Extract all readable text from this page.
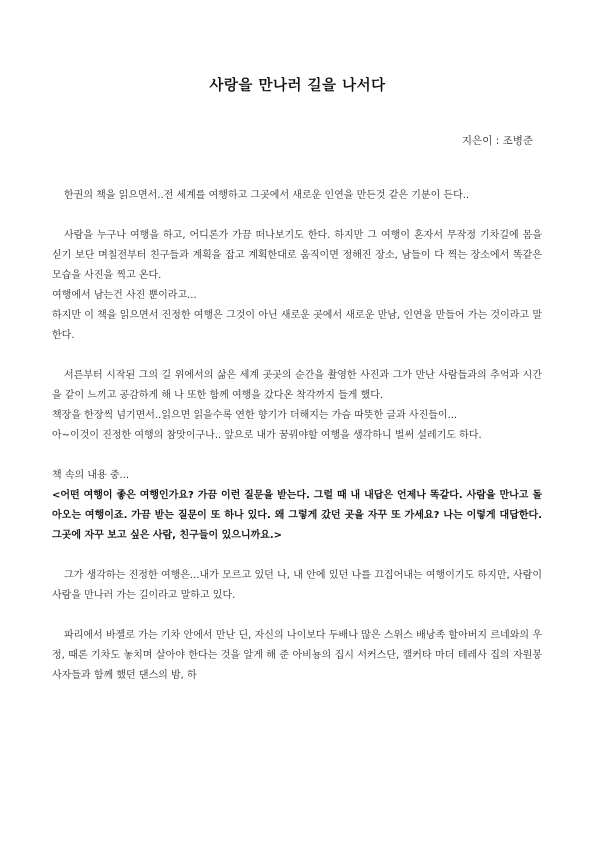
사랑을 만나러 길을 나서다
지은이 : 조병준

한권의 책을 읽으면서..전 세계를 여행하고 그곳에서 새로운 인연을 만든것 같은 기분이 든다..

사람을 누구나 여행을 하고, 어디론가 가끔 떠나보기도 한다. 하지만 그 여행이 혼자서 무작정 기차길에 몸을 싣기 보단 며칠전부터 친구들과 계획을 잡고 계획한대로 움직이면 정해진 장소, 남들이 다 찍는 장소에서 똑같은 모습을 사진을 찍고 온다.

여행에서 남는건 사진 뿐이라고...

하지만 이 책을 읽으면서 진정한 여행은 그것이 아닌 새로운 곳에서 새로운 만남, 인연을 만들어 가는 것이라고 말한다.

서른부터 시작된 그의 길 위에서의 삶은 세계 곳곳의 순간을 촬영한 사진과 그가 만난 사람들과의 추억과 시간을 같이 느끼고 공감하게 해 나 또한 함께 여행을 갔다온 착각까지 들게 했다.

책장을 한장씩 넘기면서..읽으면 읽을수록 연한 향기가 더해지는 가슴 따뜻한 글과 사진들이...

아~이것이 진정한 여행의 참맛이구나.. 앞으로 내가 꿈꿔야할 여행을 생각하니 벌써 설레기도 하다.

책 속의 내용 중...

<어떤 여행이 좋은 여행인가요? 가끔 이런 질문을 받는다. 그럴 때 내 내답은 언제나 똑같다. 사람을 만나고 돌아오는 여행이죠. 가끔 받는 질문이 또 하나 있다. 왜 그렇게 갔던 곳을 자꾸 또 가세요? 나는 이렇게 대답한다. 그곳에 자꾸 보고 싶은 사람, 친구들이 있으니까요.>

그가 생각하는 진정한 여행은...내가 모르고 있던 나, 내 안에 있던 나를 끄집어내는 여행이기도 하지만, 사람이 사람을 만나러 가는 길이라고 말하고 있다.

파리에서 바젤로 가는 기차 안에서 만난 딘, 자신의 나이보다 두배나 많은 스위스 배낭족 할아버지 르네와의 우정, 때론 기차도 놓치며 살아야 한다는 것을 알게 해 준 아비뇽의 집시 서커스단, 캘커타 마더 테레사 집의 자원봉사자들과 함께 했던 댄스의 밤, 하
